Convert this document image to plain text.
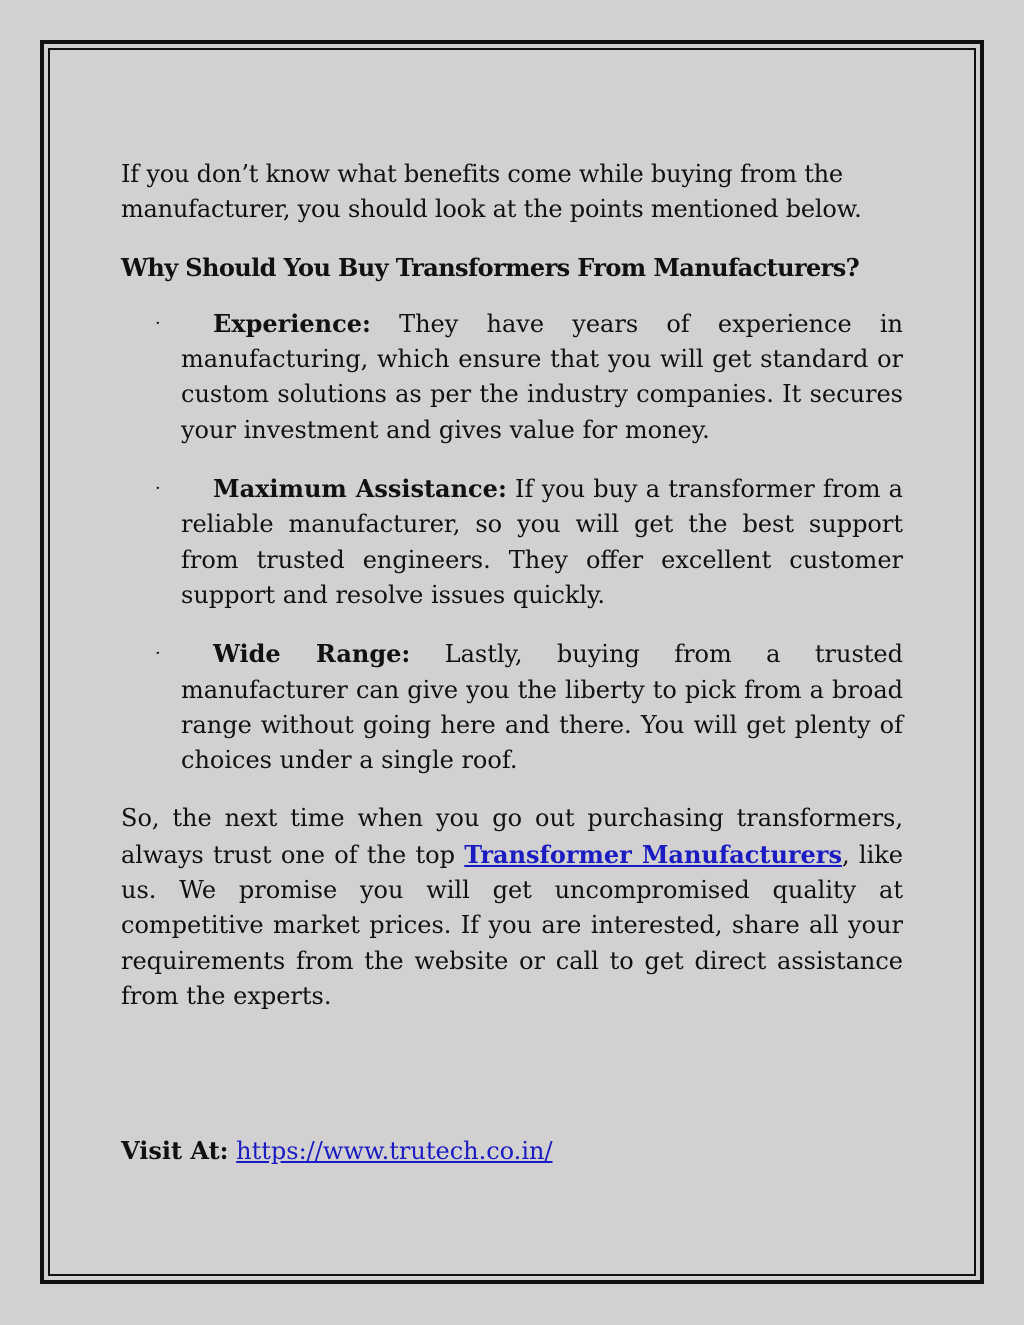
If you don’t know what benefits come while buying from the manufacturer, you should look at the points mentioned below.

Why Should You Buy Transformers From Manufacturers?

· Experience: They have years of experience in manufacturing, which ensure that you will get standard or custom solutions as per the industry companies. It secures your investment and gives value for money.
· Maximum Assistance: If you buy a transformer from a reliable manufacturer, so you will get the best support from trusted engineers. They offer excellent customer support and resolve issues quickly.
· Wide Range: Lastly, buying from a trusted manufacturer can give you the liberty to pick from a broad range without going here and there. You will get plenty of choices under a single roof.

So, the next time when you go out purchasing transformers, always trust one of the top Transformer Manufacturers, like us. We promise you will get uncompromised quality at competitive market prices. If you are interested, share all your requirements from the website or call to get direct assistance from the experts.

Visit At: https://www.trutech.co.in/
